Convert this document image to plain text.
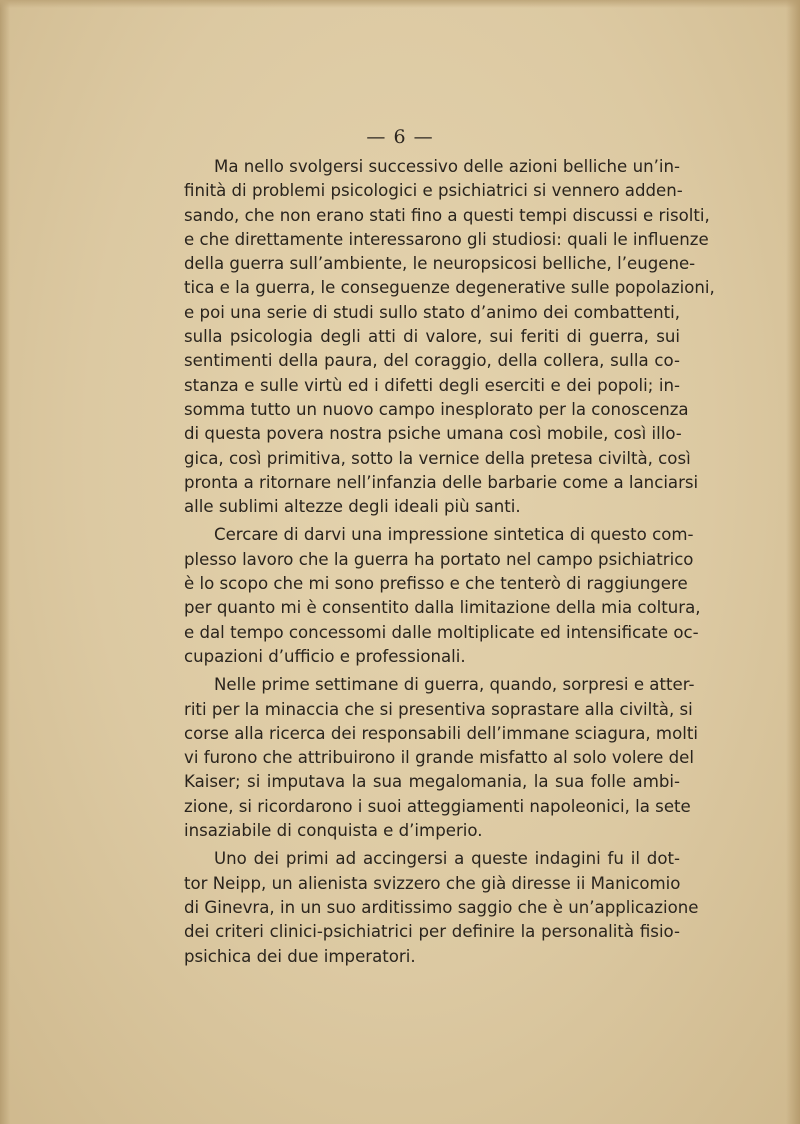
— 6 —

Ma nello svolgersi successivo delle azioni belliche un’in-
finità di problemi psicologici e psichiatrici si vennero adden-
sando, che non erano stati fino a questi tempi discussi e risolti,
e che direttamente interessarono gli studiosi: quali le influenze
della guerra sull’ambiente, le neuropsicosi belliche, l’eugene-
tica e la guerra, le conseguenze degenerative sulle popolazioni,
e poi una serie di studi sullo stato d’animo dei combattenti,
sulla psicologia degli atti di valore, sui feriti di guerra, sui
sentimenti della paura, del coraggio, della collera, sulla co-
stanza e sulle virtù ed i difetti degli eserciti e dei popoli; in-
somma tutto un nuovo campo inesplorato per la conoscenza
di questa povera nostra psiche umana così mobile, così illo-
gica, così primitiva, sotto la vernice della pretesa civiltà, così
pronta a ritornare nell’infanzia delle barbarie come a lanciarsi
alle sublimi altezze degli ideali più santi.

Cercare di darvi una impressione sintetica di questo com-
plesso lavoro che la guerra ha portato nel campo psichiatrico
è lo scopo che mi sono prefisso e che tenterò di raggiungere
per quanto mi è consentito dalla limitazione della mia coltura,
e dal tempo concessomi dalle moltiplicate ed intensificate oc-
cupazioni d’ufficio e professionali.

Nelle prime settimane di guerra, quando, sorpresi e atter-
riti per la minaccia che si presentiva soprastare alla civiltà, si
corse alla ricerca dei responsabili dell’immane sciagura, molti
vi furono che attribuirono il grande misfatto al solo volere del
Kaiser; si imputava la sua megalomania, la sua folle ambi-
zione, si ricordarono i suoi atteggiamenti napoleonici, la sete
insaziabile di conquista e d’imperio.

Uno dei primi ad accingersi a queste indagini fu il dot-
tor Neipp, un alienista svizzero che già diresse ii Manicomio
di Ginevra, in un suo arditissimo saggio che è un’applicazione
dei criteri clinici-psichiatrici per definire la personalità fisio-
psichica dei due imperatori.
